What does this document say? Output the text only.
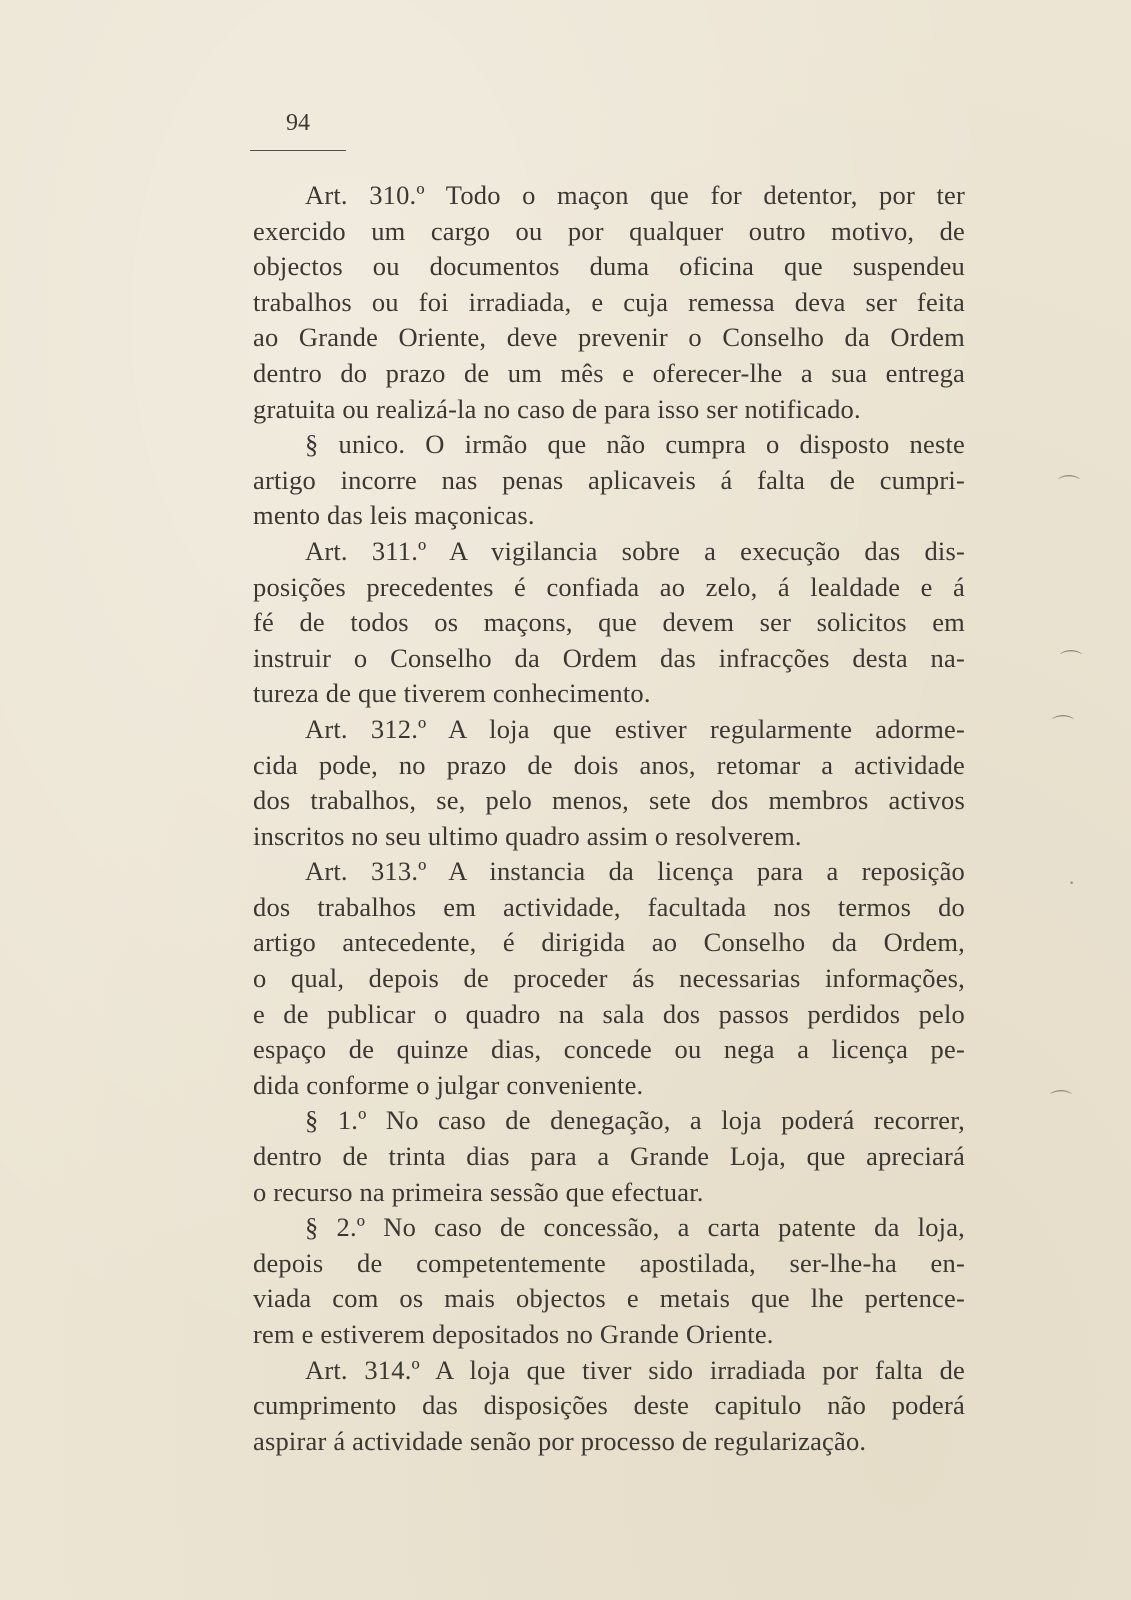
94
Art. 310.º Todo o maçon que for detentor, por ter
exercido um cargo ou por qualquer outro motivo, de
objectos ou documentos duma oficina que suspendeu
trabalhos ou foi irradiada, e cuja remessa deva ser feita
ao Grande Oriente, deve prevenir o Conselho da Ordem
dentro do prazo de um mês e oferecer-lhe a sua entrega
gratuita ou realizá-la no caso de para isso ser notificado.
§ unico. O irmão que não cumpra o disposto neste
artigo incorre nas penas aplicaveis á falta de cumpri-
mento das leis maçonicas.
Art. 311.º A vigilancia sobre a execução das dis-
posições precedentes é confiada ao zelo, á lealdade e á
fé de todos os maçons, que devem ser solicitos em
instruir o Conselho da Ordem das infracções desta na-
tureza de que tiverem conhecimento.
Art. 312.º A loja que estiver regularmente adorme-
cida pode, no prazo de dois anos, retomar a actividade
dos trabalhos, se, pelo menos, sete dos membros activos
inscritos no seu ultimo quadro assim o resolverem.
Art. 313.º A instancia da licença para a reposição
dos trabalhos em actividade, facultada nos termos do
artigo antecedente, é dirigida ao Conselho da Ordem,
o qual, depois de proceder ás necessarias informações,
e de publicar o quadro na sala dos passos perdidos pelo
espaço de quinze dias, concede ou nega a licença pe-
dida conforme o julgar conveniente.
§ 1.º No caso de denegação, a loja poderá recorrer,
dentro de trinta dias para a Grande Loja, que apreciará
o recurso na primeira sessão que efectuar.
§ 2.º No caso de concessão, a carta patente da loja,
depois de competentemente apostilada, ser-lhe-ha en-
viada com os mais objectos e metais que lhe pertence-
rem e estiverem depositados no Grande Oriente.
Art. 314.º A loja que tiver sido irradiada por falta de
cumprimento das disposições deste capitulo não poderá
aspirar á actividade senão por processo de regularização.
⌒
⌒
⌒
·
⌒
